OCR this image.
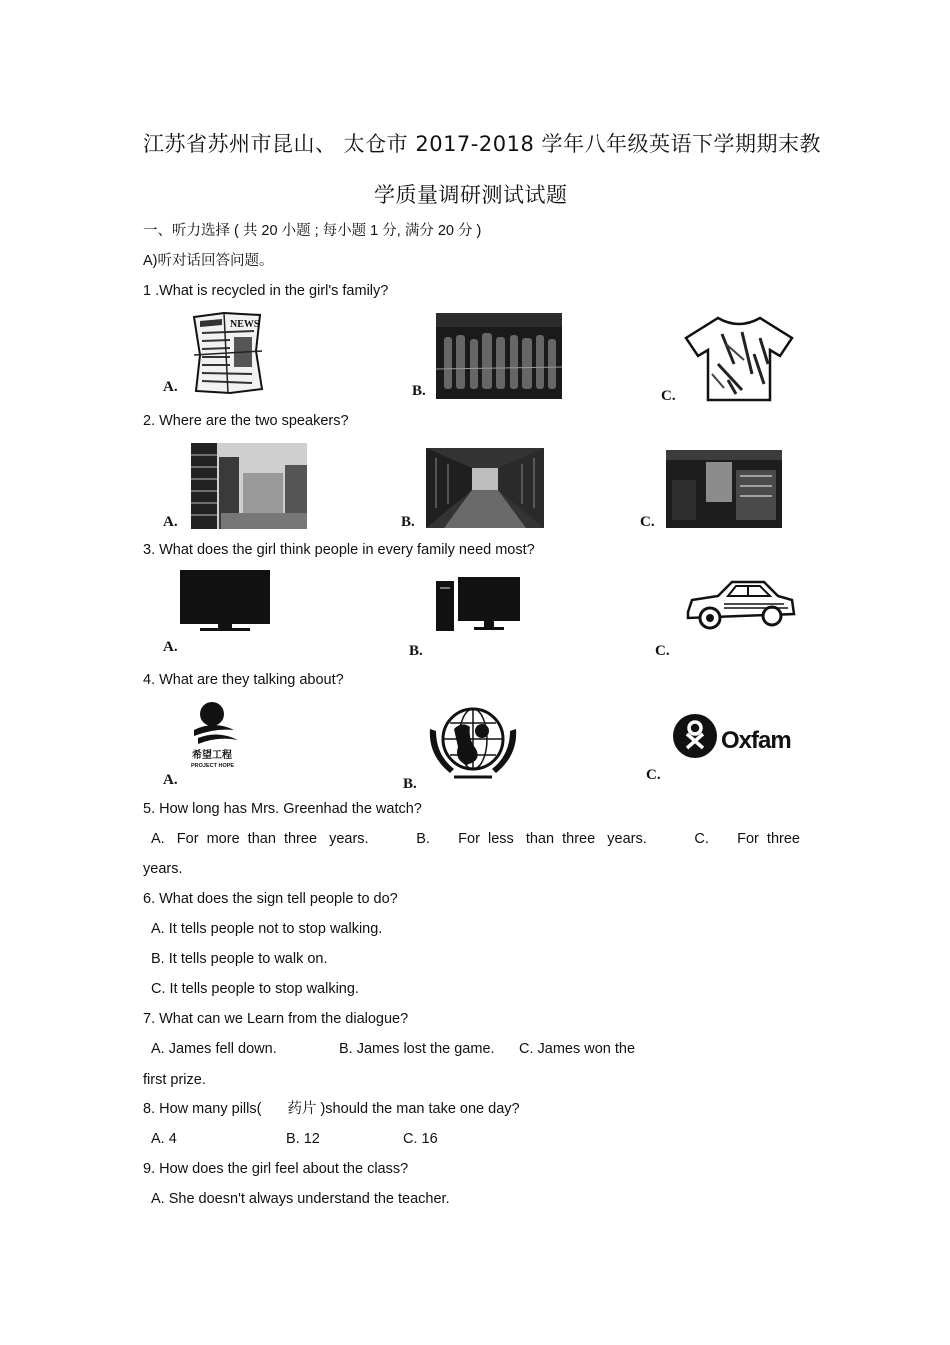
江苏省苏州市昆山、 太仓市 2017-2018 学年八年级英语下学期期末教
学质量调研测试试题
一、听力选择 ( 共 20 小题 ; 每小题 1 分, 满分 20 分 )
A)听对话回答问题。
1 .What is recycled in the girl's family?
NEWS
A.	B.	C.
2. Where are the two speakers?
A.	B.	C.
3. What does the girl think people in every family need most?
A.	B.	C.
4. What are they talking about?
希望工程
PROJECT HOPE
A.	B.
Oxfam
C.
5. How long has Mrs. Greenhad the watch?
A.   For  more  than  three   years.	B.       For  less   than  three   years.	C.       For  three
years.
6. What does the sign tell people to do?
A. It tells people not to stop walking.
B. It tells people to walk on.
C. It tells people to stop walking.
7. What can we Learn from the dialogue?
A. James fell down.	B. James lost the game. C. James won the
first prize.
8. How many pills( 药片 )should the man take one day?
A. 4	B. 12	C. 16
9. How does the girl feel about the class?
A. She doesn't always understand the teacher.
